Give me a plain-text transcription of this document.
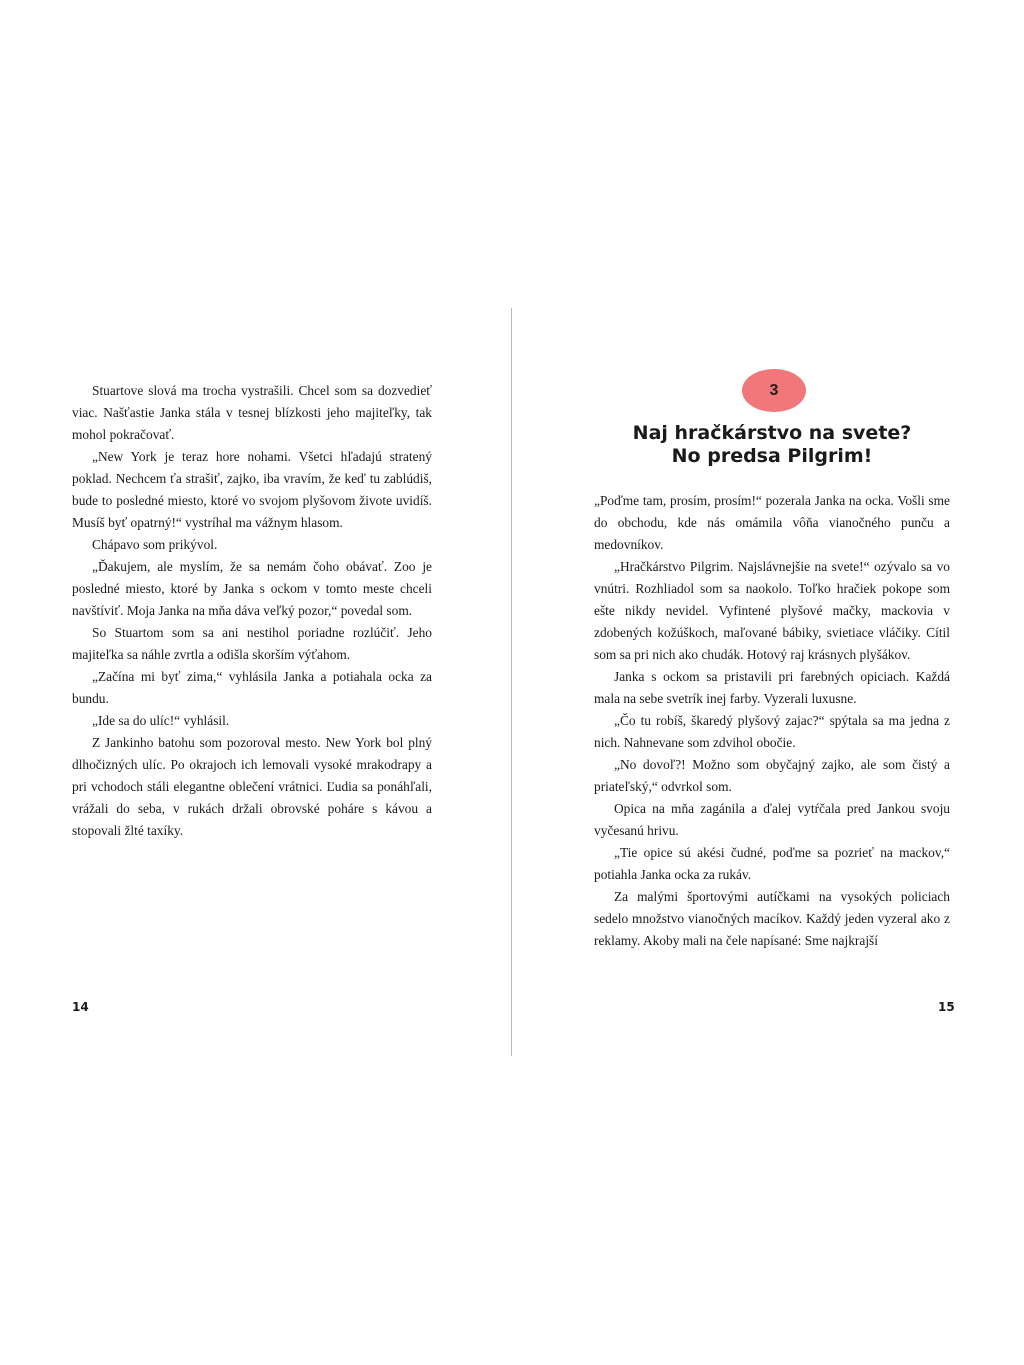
Stuartove slová ma trocha vystrašili. Chcel som sa dozvedieť viac. Našťastie Janka stála v tesnej blízkosti jeho majiteľky, tak mohol pokračovať.

„New York je teraz hore nohami. Všetci hľadajú stratený poklad. Nechcem ťa strašiť, zajko, iba vravím, že keď tu zablúdiš, bude to posledné miesto, ktoré vo svojom plyšovom živote uvidíš. Musíš byť opatrný!“ vystríhal ma vážnym hlasom.

Chápavo som prikývol.

„Ďakujem, ale myslím, že sa nemám čoho obávať. Zoo je posledné miesto, ktoré by Janka s ockom v tomto meste chceli navštíviť. Moja Janka na mňa dáva veľký pozor,“ povedal som.

So Stuartom som sa ani nestihol poriadne rozlúčiť. Jeho majiteľka sa náhle zvrtla a odišla skorším výťahom.

„Začína mi byť zima,“ vyhlásila Janka a potiahala ocka za bundu.

„Ide sa do ulíc!“ vyhlásil.

Z Jankinho batohu som pozoroval mesto. New York bol plný dlhočizných ulíc. Po okrajoch ich lemovali vysoké mrakodrapy a pri vchodoch stáli elegantne oblečení vrátnici. Ľudia sa ponáhľali, vrážali do seba, v rukách držali obrovské poháre s kávou a stopovali žlté taxíky.

14
3
Naj hračkárstvo na svete?
No predsa Pilgrim!

„Poďme tam, prosím, prosím!“ pozerala Janka na ocka. Vošli sme do obchodu, kde nás omámila vôňa vianočného punču a medovníkov.

„Hračkárstvo Pilgrim. Najslávnejšie na svete!“ ozývalo sa vo vnútri. Rozhliadol som sa naokolo. Toľko hračiek pokope som ešte nikdy nevidel. Vyfintené plyšové mačky, mackovia v zdobených kožúškoch, maľované bábiky, svietiace vláčiky. Cítil som sa pri nich ako chudák. Hotový raj krásnych plyšákov.

Janka s ockom sa pristavili pri farebných opiciach. Každá mala na sebe svetrík inej farby. Vyzerali luxusne.

„Čo tu robíš, škaredý plyšový zajac?“ spýtala sa ma jedna z nich. Nahnevane som zdvihol obočie.

„No dovoľ?! Možno som obyčajný zajko, ale som čistý a priateľský,“ odvrkol som.

Opica na mňa zagánila a ďalej vytŕčala pred Jankou svoju vyčesanú hrivu.

„Tie opice sú akési čudné, poďme sa pozrieť na mackov,“ potiahla Janka ocka za rukáv.

Za malými športovými autíčkami na vysokých policiach sedelo množstvo vianočných macíkov. Každý jeden vyzeral ako z reklamy. Akoby mali na čele napísané: Sme najkrajší

15
